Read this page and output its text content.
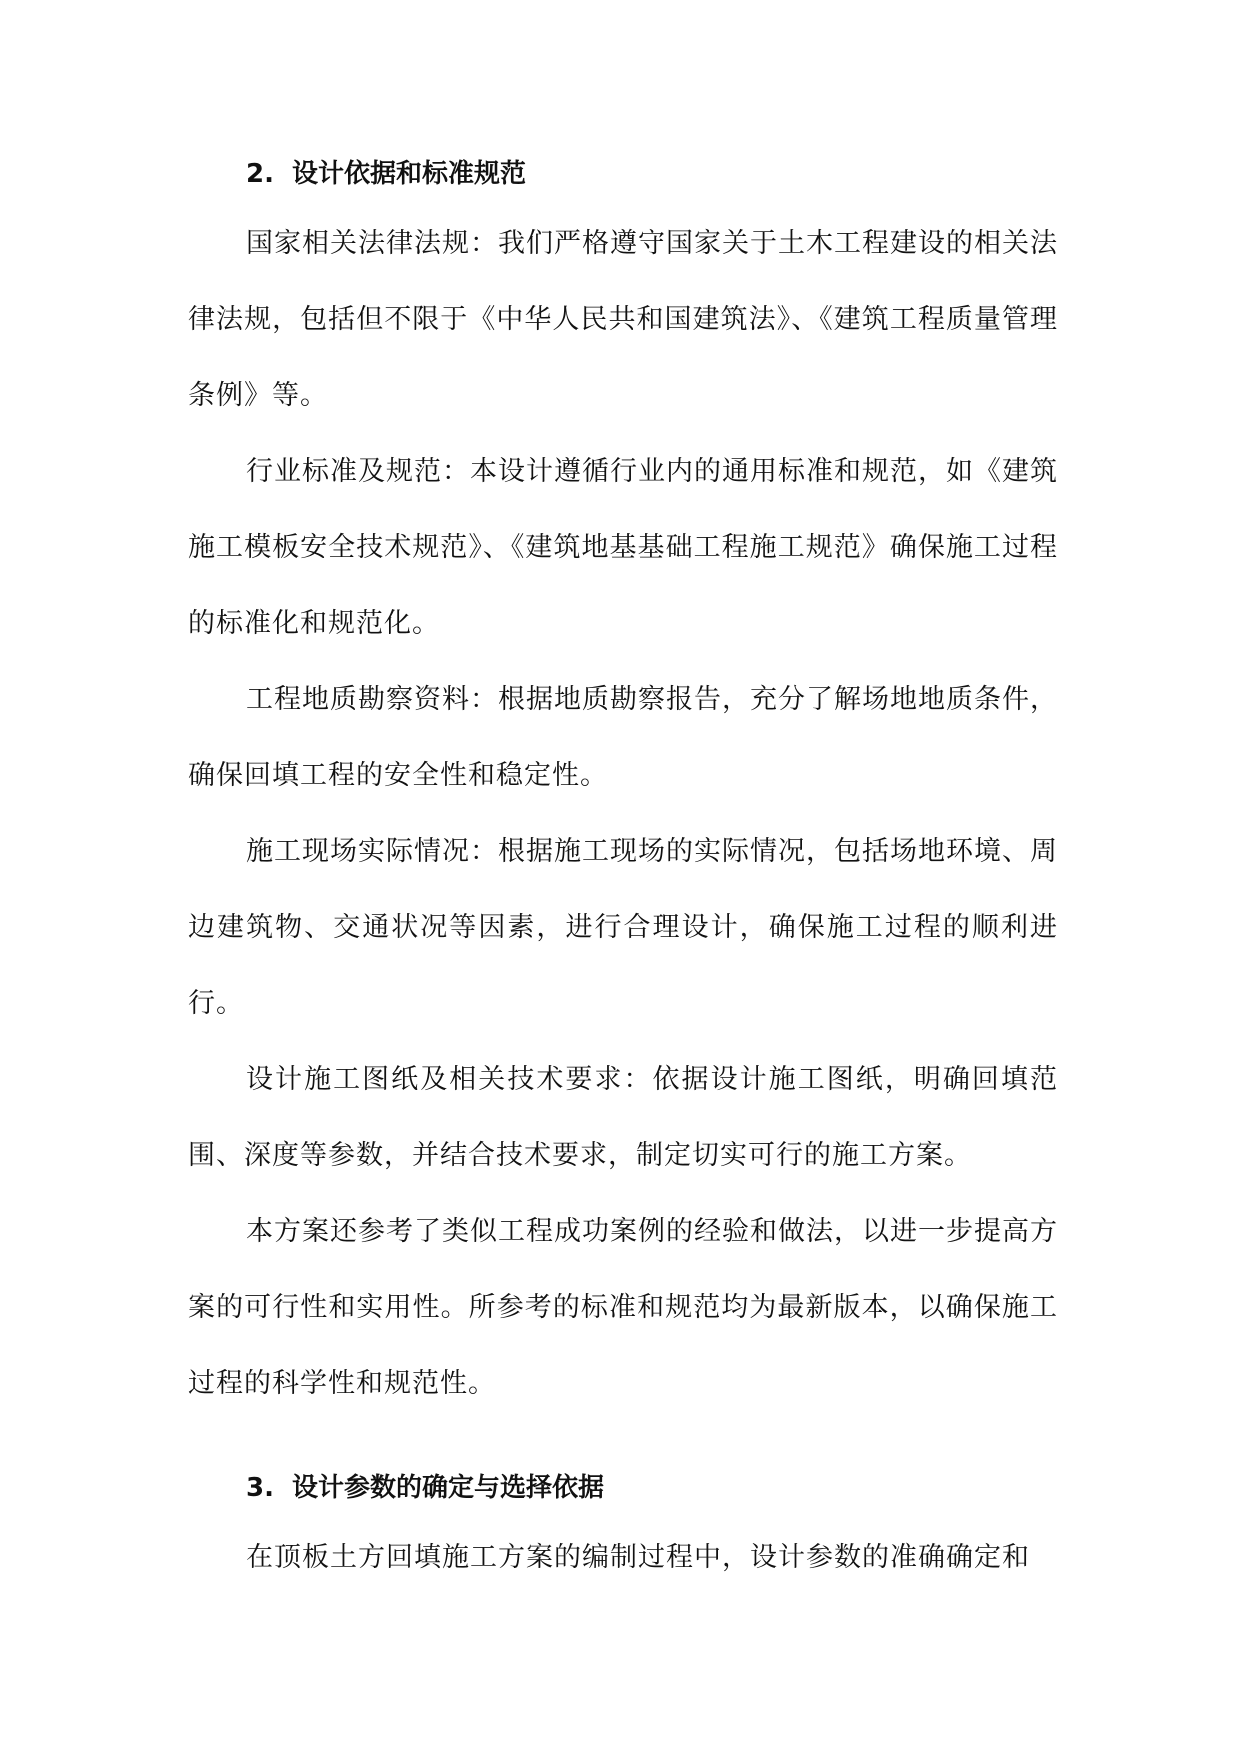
2. 设计依据和标准规范

国家相关法律法规：我们严格遵守国家关于土木工程建设的相关法律法规，包括但不限于《中华人民共和国建筑法》、《建筑工程质量管理条例》等。

行业标准及规范：本设计遵循行业内的通用标准和规范，如《建筑施工模板安全技术规范》、《建筑地基基础工程施工规范》确保施工过程的标准化和规范化。

工程地质勘察资料：根据地质勘察报告，充分了解场地地质条件，确保回填工程的安全性和稳定性。

施工现场实际情况：根据施工现场的实际情况，包括场地环境、周边建筑物、交通状况等因素，进行合理设计，确保施工过程的顺利进行。

设计施工图纸及相关技术要求：依据设计施工图纸，明确回填范围、深度等参数，并结合技术要求，制定切实可行的施工方案。

本方案还参考了类似工程成功案例的经验和做法，以进一步提高方案的可行性和实用性。所参考的标准和规范均为最新版本，以确保施工过程的科学性和规范性。

3. 设计参数的确定与选择依据

在顶板土方回填施工方案的编制过程中，设计参数的准确确定和
